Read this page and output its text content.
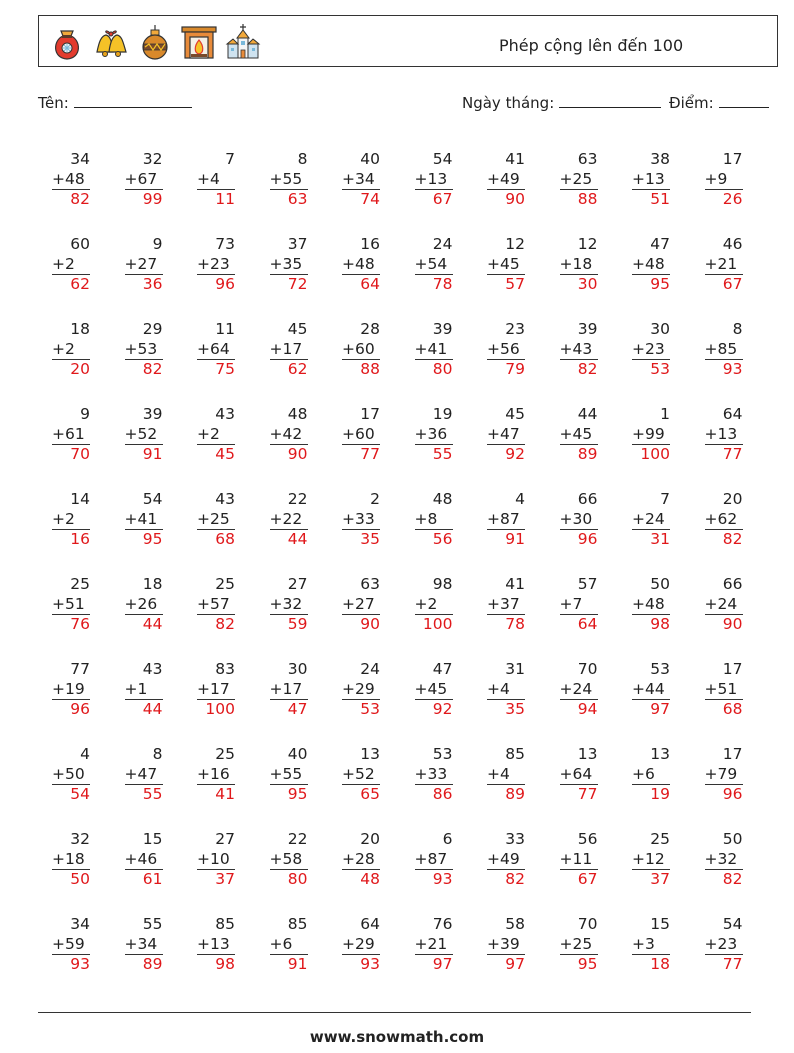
Phép cộng lên đến 100
Tên:	Ngày tháng:	Điểm:
34
+48
82
32
+67
99
7
+4
11
8
+55
63
40
+34
74
54
+13
67
41
+49
90
63
+25
88
38
+13
51
17
+9
26
60
+2
62
9
+27
36
73
+23
96
37
+35
72
16
+48
64
24
+54
78
12
+45
57
12
+18
30
47
+48
95
46
+21
67
18
+2
20
29
+53
82
11
+64
75
45
+17
62
28
+60
88
39
+41
80
23
+56
79
39
+43
82
30
+23
53
8
+85
93
9
+61
70
39
+52
91
43
+2
45
48
+42
90
17
+60
77
19
+36
55
45
+47
92
44
+45
89
1
+99
100
64
+13
77
14
+2
16
54
+41
95
43
+25
68
22
+22
44
2
+33
35
48
+8
56
4
+87
91
66
+30
96
7
+24
31
20
+62
82
25
+51
76
18
+26
44
25
+57
82
27
+32
59
63
+27
90
98
+2
100
41
+37
78
57
+7
64
50
+48
98
66
+24
90
77
+19
96
43
+1
44
83
+17
100
30
+17
47
24
+29
53
47
+45
92
31
+4
35
70
+24
94
53
+44
97
17
+51
68
4
+50
54
8
+47
55
25
+16
41
40
+55
95
13
+52
65
53
+33
86
85
+4
89
13
+64
77
13
+6
19
17
+79
96
32
+18
50
15
+46
61
27
+10
37
22
+58
80
20
+28
48
6
+87
93
33
+49
82
56
+11
67
25
+12
37
50
+32
82
34
+59
93
55
+34
89
85
+13
98
85
+6
91
64
+29
93
76
+21
97
58
+39
97
70
+25
95
15
+3
18
54
+23
77
www.snowmath.com
